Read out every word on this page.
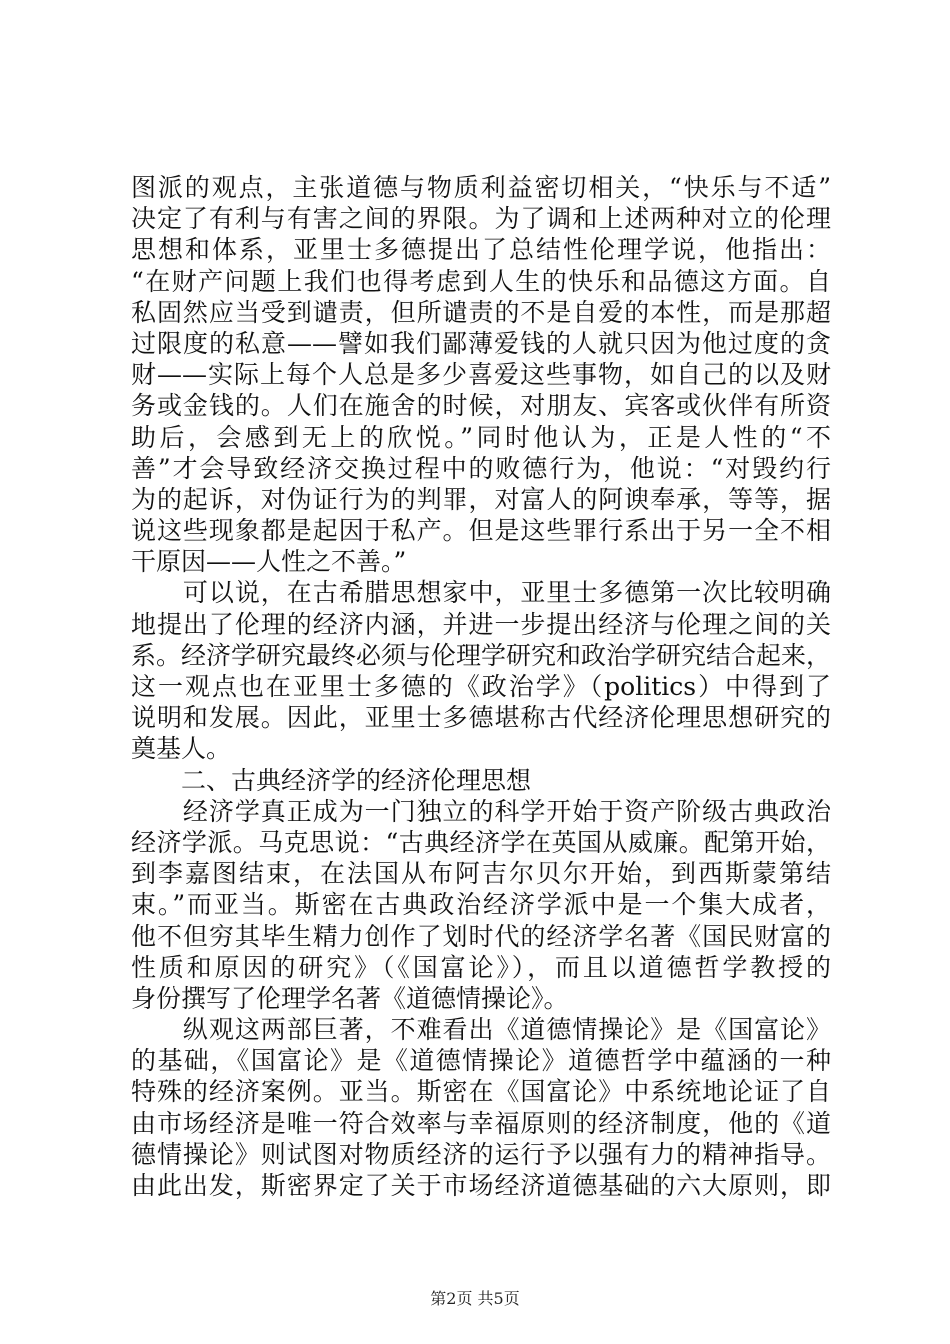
图派的观点，主张道德与物质利益密切相关，“快乐与不适”
决定了有利与有害之间的界限。为了调和上述两种对立的伦理
思想和体系，亚里士多德提出了总结性伦理学说，他指出：
“在财产问题上我们也得考虑到人生的快乐和品德这方面。自
私固然应当受到谴责，但所谴责的不是自爱的本性，而是那超
过限度的私意——譬如我们鄙薄爱钱的人就只因为他过度的贪
财——实际上每个人总是多少喜爱这些事物，如自己的以及财
务或金钱的。人们在施舍的时候，对朋友、宾客或伙伴有所资
助后，会感到无上的欣悦。”同时他认为，正是人性的“不
善”才会导致经济交换过程中的败德行为，他说：“对毁约行
为的起诉，对伪证行为的判罪，对富人的阿谀奉承，等等，据
说这些现象都是起因于私产。但是这些罪行系出于另一全不相
干原因——人性之不善。”
　　可以说，在古希腊思想家中，亚里士多德第一次比较明确
地提出了伦理的经济内涵，并进一步提出经济与伦理之间的关
系。经济学研究最终必须与伦理学研究和政治学研究结合起来，
这一观点也在亚里士多德的《政治学》（politics）中得到了
说明和发展。因此，亚里士多德堪称古代经济伦理思想研究的
奠基人。
　　二、古典经济学的经济伦理思想
　　经济学真正成为一门独立的科学开始于资产阶级古典政治
经济学派。马克思说：“古典经济学在英国从威廉。配第开始，
到李嘉图结束，在法国从布阿吉尔贝尔开始，到西斯蒙第结
束。”而亚当。斯密在古典政治经济学派中是一个集大成者，
他不但穷其毕生精力创作了划时代的经济学名著《国民财富的
性质和原因的研究》（《国富论》），而且以道德哲学教授的
身份撰写了伦理学名著《道德情操论》。
　　纵观这两部巨著，不难看出《道德情操论》是《国富论》
的基础，《国富论》是《道德情操论》道德哲学中蕴涵的一种
特殊的经济案例。亚当。斯密在《国富论》中系统地论证了自
由市场经济是唯一符合效率与幸福原则的经济制度，他的《道
德情操论》则试图对物质经济的运行予以强有力的精神指导。
由此出发，斯密界定了关于市场经济道德基础的六大原则，即
第2页 共5页
